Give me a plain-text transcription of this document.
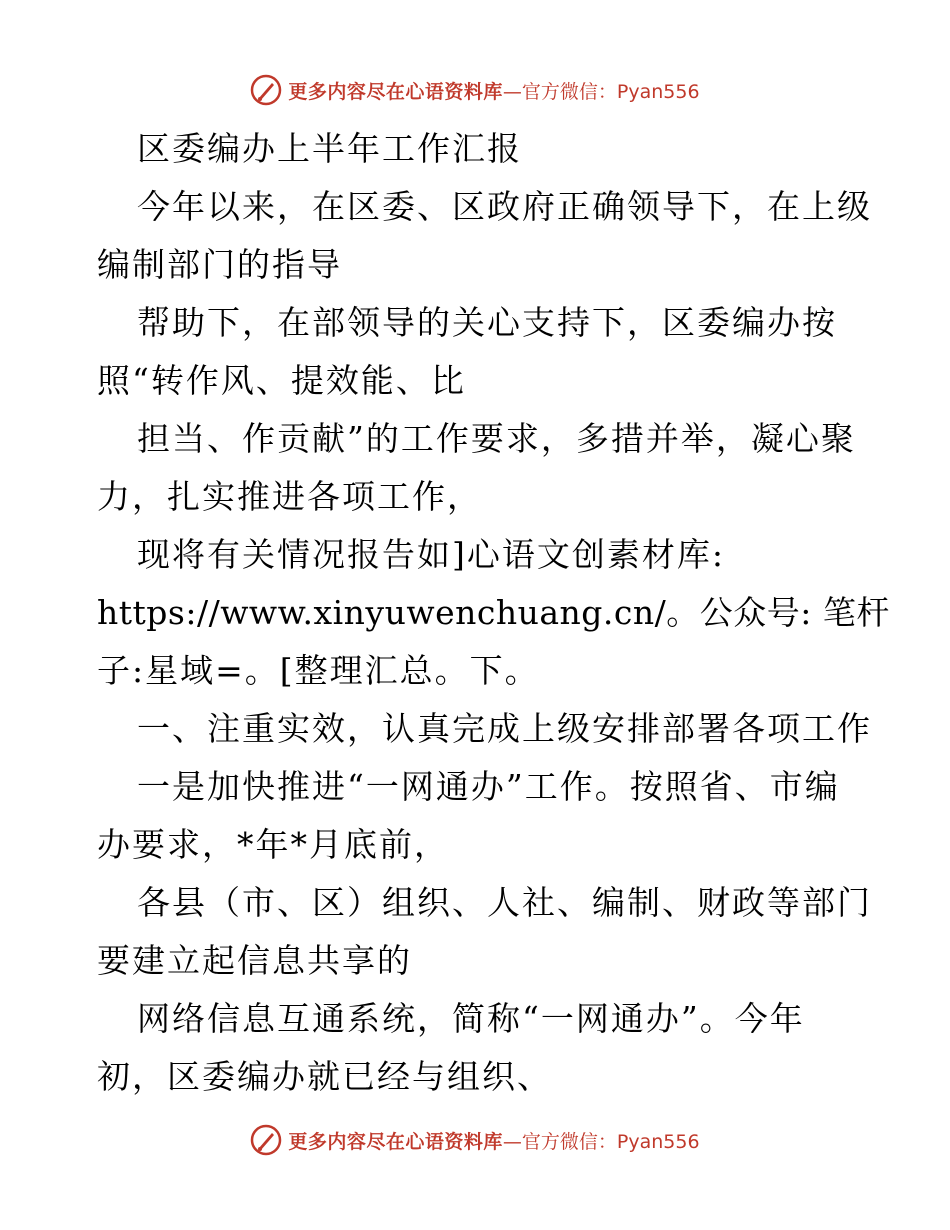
更多内容尽在心语资料库 —官方微信：Pyan556
区委编办上半年工作汇报
今年以来，在区委、区政府正确领导下，在上级
编制部门的指导
帮助下，在部领导的关心支持下，区委编办按
照“转作风、提效能、比
担当、作贡献”的工作要求，多措并举，凝心聚
力，扎实推进各项工作，
现将有关情况报告如]心语文创素材库:
https://www.xinyuwenchuang.cn/。公众号: 笔杆
子:星域=。[整理汇总。下。
一、注重实效，认真完成上级安排部署各项工作
一是加快推进“一网通办”工作。按照省、市编
办要求，*年*月底前，
各县（市、区）组织、人社、编制、财政等部门
要建立起信息共享的
网络信息互通系统，简称“一网通办”。今年
初，区委编办就已经与组织、
更多内容尽在心语资料库 —官方微信：Pyan556
